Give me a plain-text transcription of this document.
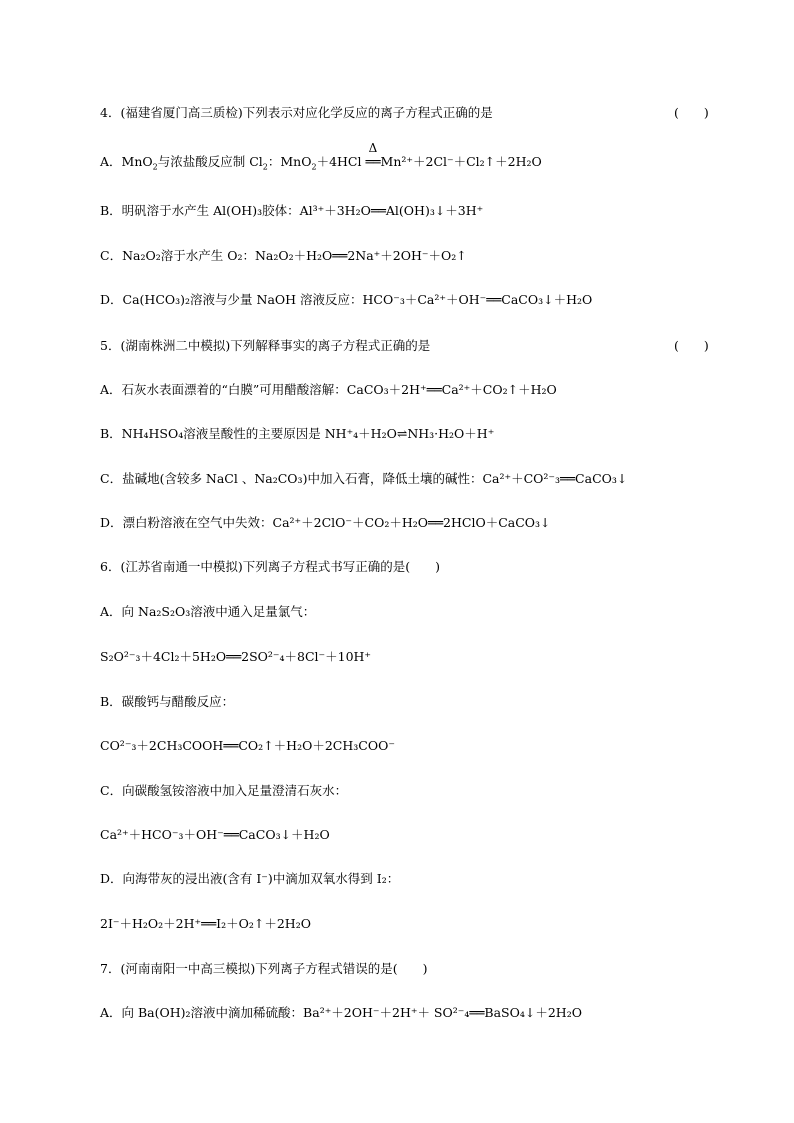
4．(福建省厦门高三质检)下列表示对应化学反应的离子方程式正确的是	(　　)
A．MnO$_2$与浓盐酸反应制 $Cl_2$：MnO$_2$＋4HCl
Δ
══Mn²⁺＋2Cl⁻＋Cl₂↑＋2H₂O
B．明矾溶于水产生 Al(OH)₃胶体：Al³⁺＋3H₂O══Al(OH)₃↓＋3H⁺
C．Na₂O₂溶于水产生 O₂：Na₂O₂＋H₂O══2Na⁺＋2OH⁻＋O₂↑
D．Ca(HCO₃)₂溶液与少量 NaOH 溶液反应：HCO⁻₃＋Ca²⁺＋OH⁻══CaCO₃↓＋H₂O
5．(湖南株洲二中模拟)下列解释事实的离子方程式正确的是	(　　)
A．石灰水表面漂着的“白膜”可用醋酸溶解：CaCO₃＋2H⁺══Ca²⁺＋CO₂↑＋H₂O
B．NH₄HSO₄溶液呈酸性的主要原因是 NH⁺₄＋H₂O⇌NH₃·H₂O＋H⁺
C．盐碱地(含较多 NaCl 、Na₂CO₃)中加入石膏，降低土壤的碱性：Ca²⁺＋CO²⁻₃══CaCO₃↓
D．漂白粉溶液在空气中失效：Ca²⁺＋2ClO⁻＋CO₂＋H₂O══2HClO＋CaCO₃↓
6．(江苏省南通一中模拟)下列离子方程式书写正确的是(　　)
A．向 Na₂S₂O₃溶液中通入足量氯气：
S₂O²⁻₃＋4Cl₂＋5H₂O══2SO²⁻₄＋8Cl⁻＋10H⁺
B．碳酸钙与醋酸反应：
CO²⁻₃＋2CH₃COOH══CO₂↑＋H₂O＋2CH₃COO⁻
C．向碳酸氢铵溶液中加入足量澄清石灰水：
Ca²⁺＋HCO⁻₃＋OH⁻══CaCO₃↓＋H₂O
D．向海带灰的浸出液(含有 I⁻)中滴加双氧水得到 I₂：
2I⁻＋H₂O₂＋2H⁺══I₂＋O₂↑＋2H₂O
7．(河南南阳一中高三模拟)下列离子方程式错误的是(　　)
A．向 Ba(OH)₂溶液中滴加稀硫酸：Ba²⁺＋2OH⁻＋2H⁺＋ SO²⁻₄══BaSO₄↓＋2H₂O
